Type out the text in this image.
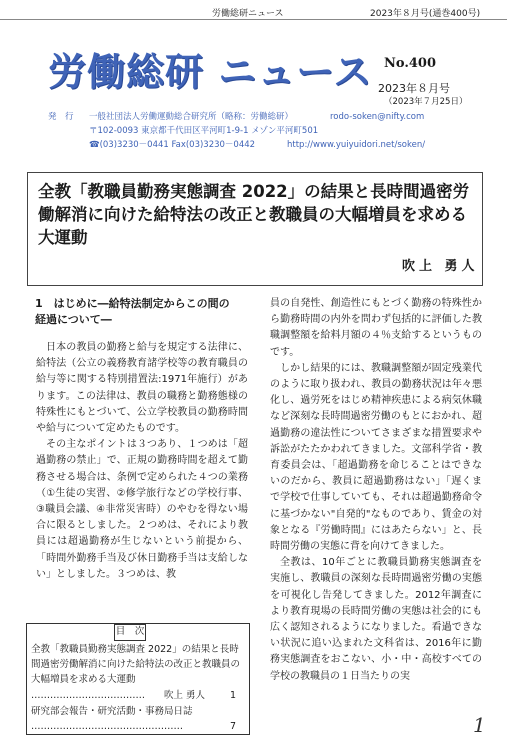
労働総研ニュース	2023年８月号(通巻400号)
労働総研 ニュース No.400
2023年８月号
（2023年７月25日）
発　行 一般社団法人労働運動総合研究所（略称：労働総研）	rodo-soken@nifty.com
〒102-0093 東京都千代田区平河町1-9-1 メゾン平河町501
☎(03)3230－0441 Fax(03)3230－0442	http://www.yuiyuidori.net/soken/
全教「教職員勤務実態調査 2022」の結果と長時間過密労働解消に向けた給特法の改正と教職員の大幅増員を求める大運動
吹上 勇人
1　はじめに―給特法制定からこの間の経過について―

日本の教員の勤務と給与を規定する法律に、給特法（公立の義務教育諸学校等の教育職員の給与等に関する特別措置法:1971年施行）があります。この法律は、教員の職務と勤務態様の特殊性にもとづいて、公立学校教員の勤務時間や給与について定めたものです。

その主なポイントは３つあり、１つめは「超過勤務の禁止」で、正規の勤務時間を超えて勤務させる場合は、条例で定められた４つの業務（①生徒の実習、②修学旅行などの学校行事、③職員会議、④非常災害時）のやむを得ない場合に限るとしました。２つめは、それにより教員には超過勤務が生じないという前提から、「時間外勤務手当及び休日勤務手当は支給しない」としました。３つめは、教

員の自発性、創造性にもとづく勤務の特殊性から勤務時間の内外を問わず包括的に評価した教職調整額を給料月額の４％支給するというものです。

しかし結果的には、教職調整額が固定残業代のように取り扱われ、教員の勤務状況は年々悪化し、過労死をはじめ精神疾患による病気休職など深刻な長時間過密労働のもとにおかれ、超過勤務の違法性についてさまざまな措置要求や訴訟がたたかわれてきました。文部科学省・教育委員会は、「超過勤務を命じることはできないのだから、教員に超過勤務はない」「遅くまで学校で仕事していても、それは超過勤務命令に基づかない"自発的"なものであり、賃金の対象となる『労働時間』にはあたらない」と、長時間労働の実態に背を向けてきました。

全教は、10年ごとに教職員勤務実態調査を実施し、教職員の深刻な長時間過密労働の実態を可視化し告発してきました。2012年調査により教育現場の長時間労働の実態は社会的にも広く認知されるようになりました。看過できない状況に追い込まれた文科省は、2016年に勤務実態調査をおこない、小・中・高校すべての学校の教職員の１日当たりの実

目　次
全教「教職員勤務実態調査 2022」の結果と長時間過密労働解消に向けた給特法の改正と教職員の大幅増員を求める大運動
……………………………… 吹上 勇人	1
研究部会報告・研究活動・事務局日誌
…………………………………………	7	1
